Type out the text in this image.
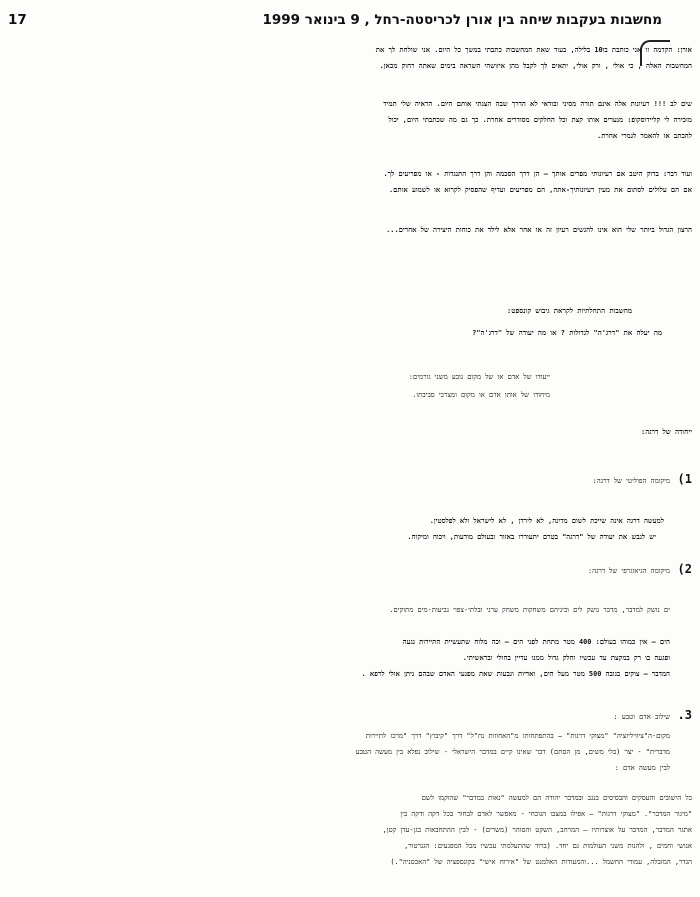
17	מחשבות בעקבות שיחה בין אורן לכריסטה-רחל , 9 בינואר 1999
אורן: הקדמה זו אני כותבת בו10 בלילה, בעוד שאת המחשבות כתבתי במשך כל היום. אני שולחת לך את
המחשבות האלה , כי אולי , ורק אולי, יתאים לך לקבל מהן איזושהי השראה בימים שאתה רחוק מכאן.
שים לב !!! רעיונות אלה אינם תורה מסיני ובודאי לא הדרך שבה הצגתי אותם היום. הראיה שלי תמיד
מזכירה לי קליידוסקופ: מנערים אותו קצת וכל החלקים מסודרים אחרת. כך גם מה שכתבתי היום, יכול
להכתב או להאמר לגמרי אחרת.
ועוד דבר: בדוק היטב אם רעיונותי מפרים אותך – הן דרך הסכמה והן דרך התנגדות - או מפריעים לך.
אם הם עלולים לסתום את מעין רעיונותיך-אתה, הם מפריעים ועדיף שהפסיק לקרוא או לשמוע אותם.
הרצון הגדול ביותר שלי הוא אינו להגשים רעיון זה או אחר אלא לילד את כוחות היצירה של אחרים...
מחשבות התחלתיות לקראת גיבוש קונספט:
מה יעלה את "דרג'ה" לגדולות ? או מה יעודה של "דרג'ה"?
ייעודו של אדם או של מקום נובע משני גורמים:
מיחודו של אותו אדם או מקום ומצרכי סביבתו.
ייחודה של דרגה:
מיקומה הפוליטי של דרגה: 1)
למעשה דרגה אינה שייכת לשום מדינה, לא לירדן , לא לישראל ולא לפלסטין.
יש לגבש את יעודה של "דרגה" בטרם יתעוררו באזור ובעולם מודעות, ויכוח ומיקוח.
מיקומה הגיאוגרפי של דרגה: 2)
ים נושק למדבר, מדבר נושק לים וביניהם משחקות משחק ערני ובלתי-צפוי נביעות-מים מתוקים.
הים – אין כמוהו בעולם: 400 מטר מתחת לפני הים – וכה מלוח שתעשיית התיירות נגעה
ופגעה בו רק במקצת עד עכשיו וחלק גדול ממנו עדיין בחולי ובראשיתי.
המדבר – צוקים בגובה 500 מטר מעל הים, ואדיות וגבעות שאת מפגעי האדם שבהם ניתן אולי לרפא .
שילוב אדם וטבע : 3.
מקום-ה"ציוויליזציה" "מצוקי דרגות" – בהתפתחותו מ"האחוזות נח"ל" דרך "קיבוץ" דרך "מרכז לתיירות
מדברית" - יצר (בלי משים, מן הסתם) דבר שאינו קיים במדבר הישראלי - שילוב נפלא בין מעשה הטבע
לבין מעשה אדם :
כל הישובים והעסקים והבסיסים בנגב ובמדבר יהודה הם למעשה "נאות במדבר" שהוקמו לשם
"מיגור המדבר". "מצוקי דרגות" – אפילו במצבו הנוכחי - מאפשר לאדם לבחור בכל דקה ודקה בין
אתגר המדבר, המדבר על אוצרותיו – המרחב, השקט והסוהר (משרים) - לבין ההתחבאות בגן-עדן קטן,
אנושי וחמים , ולהנות משני העולמות גם יחד. (ברוד שהתעלמתי עכשיו מכל המפגעים: הגנרטור,
הגדר, המזבלה, עמודי החשמל ...והמעודות האלמנט של "אירוח אישי" בקונספציה של "האכסניה".)
